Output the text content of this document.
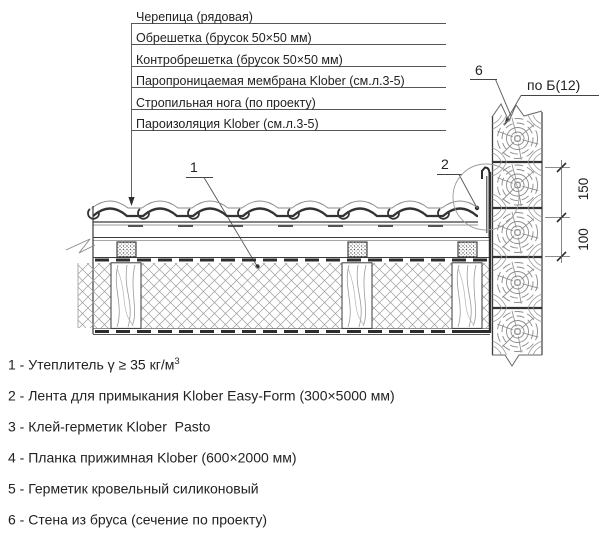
Черепица (рядовая)
Обрешетка (брусок 50×50 мм)
Контробрешетка (брусок 50×50 мм)
Паропроницаемая мембрана Klober (см.л.3-5)
Стропильная нога (по проекту)
Пароизоляция Klober (см.л.3-5)
1	2
6
по Б(12)
150
100
1 - Утеплитель γ ≥ 35 $кг/м^3$
2 - Лента для примыкания Klober Easy-Form (300×5000 мм)
3 - Клей-герметик Klober  Pasto
4 - Планка прижимная Klober (600×2000 мм)
5 - Герметик кровельный силиконовый
6 - Стена из бруса (сечение по проекту)
